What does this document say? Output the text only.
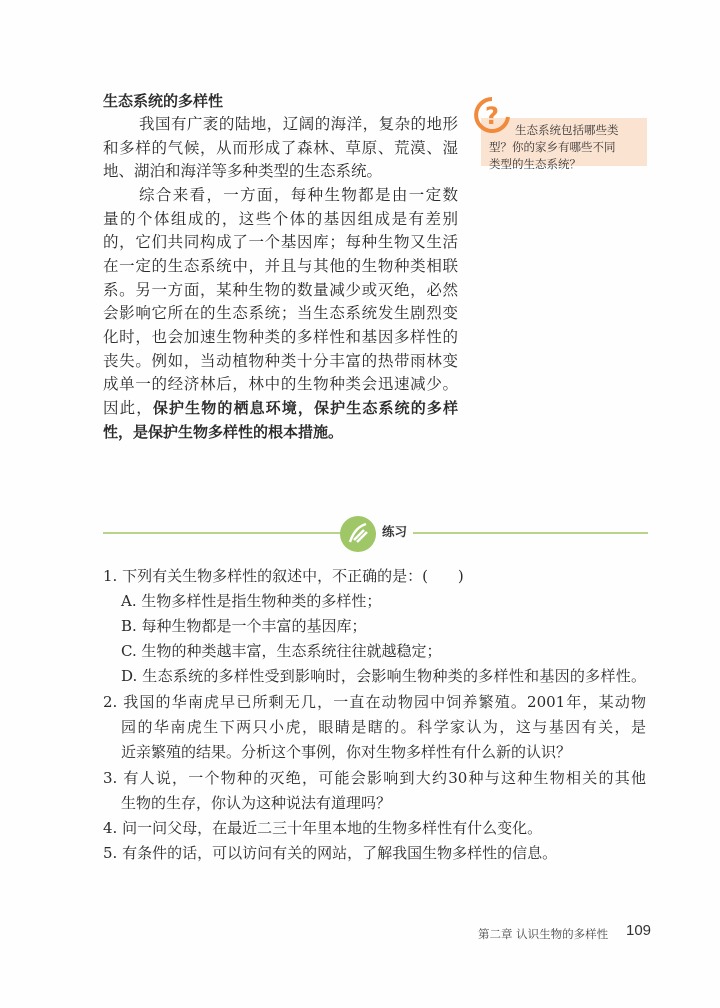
生态系统的多样性
我国有广袤的陆地，辽阔的海洋，复杂的地形
和多样的气候，从而形成了森林、草原、荒漠、湿
地、湖泊和海洋等多种类型的生态系统。
综合来看，一方面，每种生物都是由一定数
量的个体组成的，这些个体的基因组成是有差别
的，它们共同构成了一个基因库；每种生物又生活
在一定的生态系统中，并且与其他的生物种类相联
系。另一方面，某种生物的数量减少或灭绝，必然
会影响它所在的生态系统；当生态系统发生剧烈变
化时，也会加速生物种类的多样性和基因多样性的
丧失。例如，当动植物种类十分丰富的热带雨林变
成单一的经济林后，林中的生物种类会迅速减少。
因此，保护生物的栖息环境，保护生态系统的多样
性，是保护生物多样性的根本措施。
生态系统包括哪些类
型？你的家乡有哪些不同
类型的生态系统？
?
练习
1. 下列有关生物多样性的叙述中，不正确的是：(　　)
A. 生物多样性是指生物种类的多样性；
B. 每种生物都是一个丰富的基因库；
C. 生物的种类越丰富，生态系统往往就越稳定；
D. 生态系统的多样性受到影响时，会影响生物种类的多样性和基因的多样性。
2. 我国的华南虎早已所剩无几，一直在动物园中饲养繁殖。2001年，某动物
园的华南虎生下两只小虎，眼睛是瞎的。科学家认为，这与基因有关，是
近亲繁殖的结果。分析这个事例，你对生物多样性有什么新的认识？
3. 有人说，一个物种的灭绝，可能会影响到大约30种与这种生物相关的其他
生物的生存，你认为这种说法有道理吗？
4. 问一问父母，在最近二三十年里本地的生物多样性有什么变化。
5. 有条件的话，可以访问有关的网站，了解我国生物多样性的信息。
第二章 认识生物的多样性 109
